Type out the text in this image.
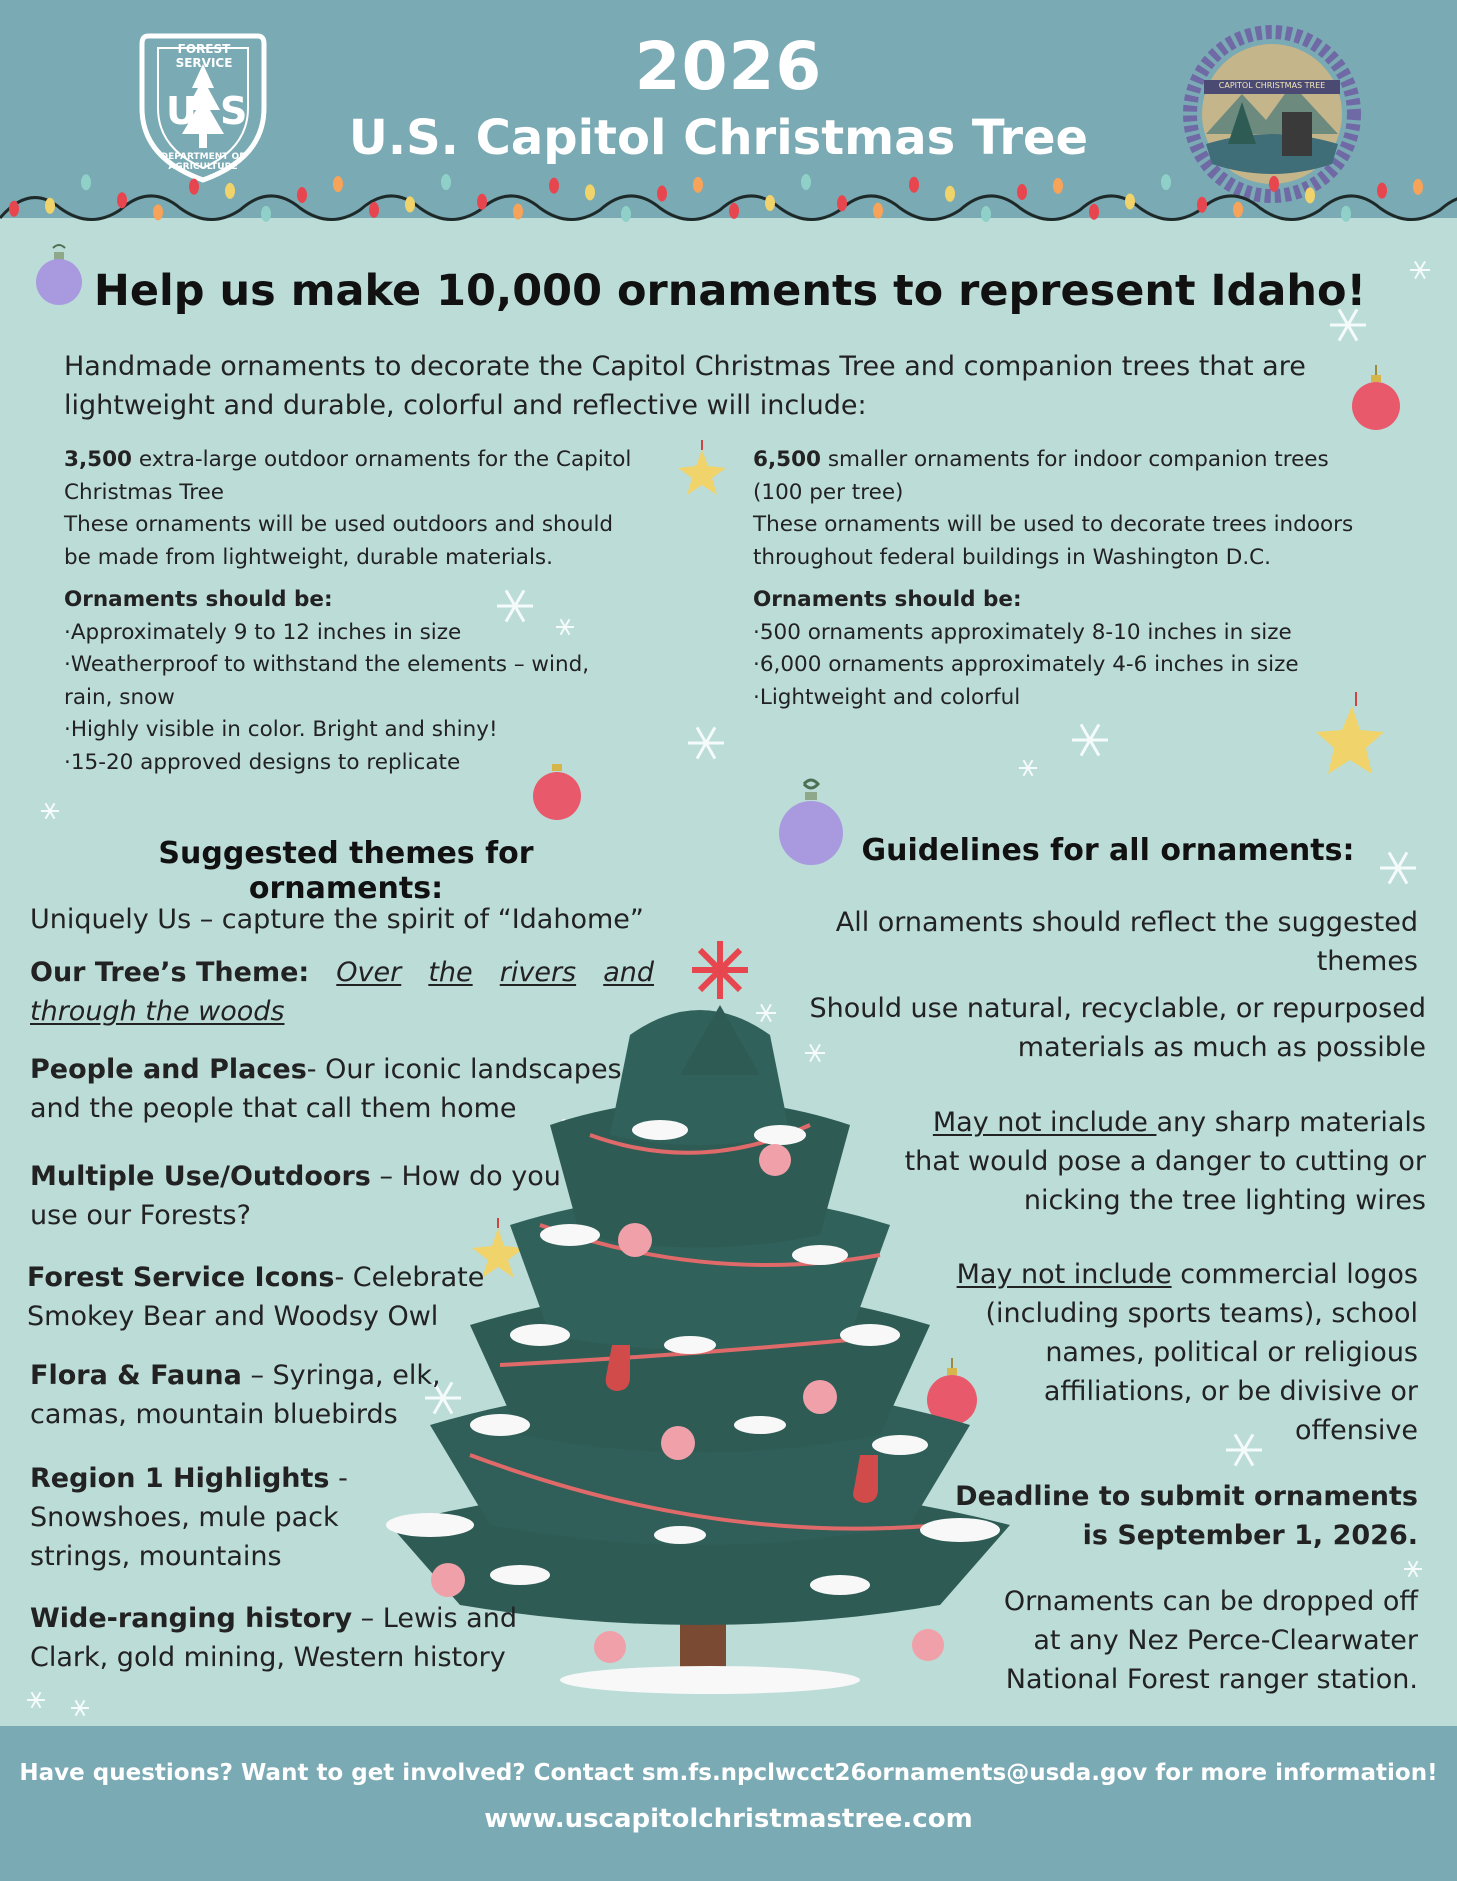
U S
FOREST SERVICE
DEPARTMENT OF AGRICULTURE
2026
U.S. Capitol Christmas Tree
CAPITOL CHRISTMAS TREE
Help us make 10,000 ornaments to represent Idaho!
Handmade ornaments to decorate the Capitol Christmas Tree and companion trees that are
lightweight and durable, colorful and reflective will include:
3,500 extra-large outdoor ornaments for the Capitol
Christmas Tree
These ornaments will be used outdoors and should
be made from lightweight, durable materials.
Ornaments should be:
·Approximately 9 to 12 inches in size
·Weatherproof to withstand the elements – wind,
rain, snow
·Highly visible in color. Bright and shiny!
·15-20 approved designs to replicate
6,500 smaller ornaments for indoor companion trees
(100 per tree)
These ornaments will be used to decorate trees indoors
throughout federal buildings in Washington D.C.
Ornaments should be:
·500 ornaments approximately 8-10 inches in size
·6,000 ornaments approximately 4-6 inches in size
·Lightweight and colorful
Suggested themes for ornaments:
Uniquely Us – capture the spirit of “Idahome”
Our Tree’s Theme: Over the rivers and
through the woods
People and Places- Our iconic landscapes
and the people that call them home
Multiple Use/Outdoors – How do you
use our Forests?
Forest Service Icons- Celebrate
Smokey Bear and Woodsy Owl
Flora & Fauna – Syringa, elk,
camas, mountain bluebirds
Region 1 Highlights -
Snowshoes, mule pack
strings, mountains
Wide-ranging history – Lewis and
Clark, gold mining, Western history
Guidelines for all ornaments:
All ornaments should reflect the suggested
themes
Should use natural, recyclable, or repurposed
materials as much as possible
May not include any sharp materials
that would pose a danger to cutting or
nicking the tree lighting wires
May not include commercial logos
(including sports teams), school
names, political or religious
affiliations, or be divisive or
offensive
Deadline to submit ornaments
is September 1, 2026.
Ornaments can be dropped off
at any Nez Perce-Clearwater
National Forest ranger station.
Have questions? Want to get involved? Contact sm.fs.npclwcct26ornaments@usda.gov for more information!
www.uscapitolchristmastree.com
